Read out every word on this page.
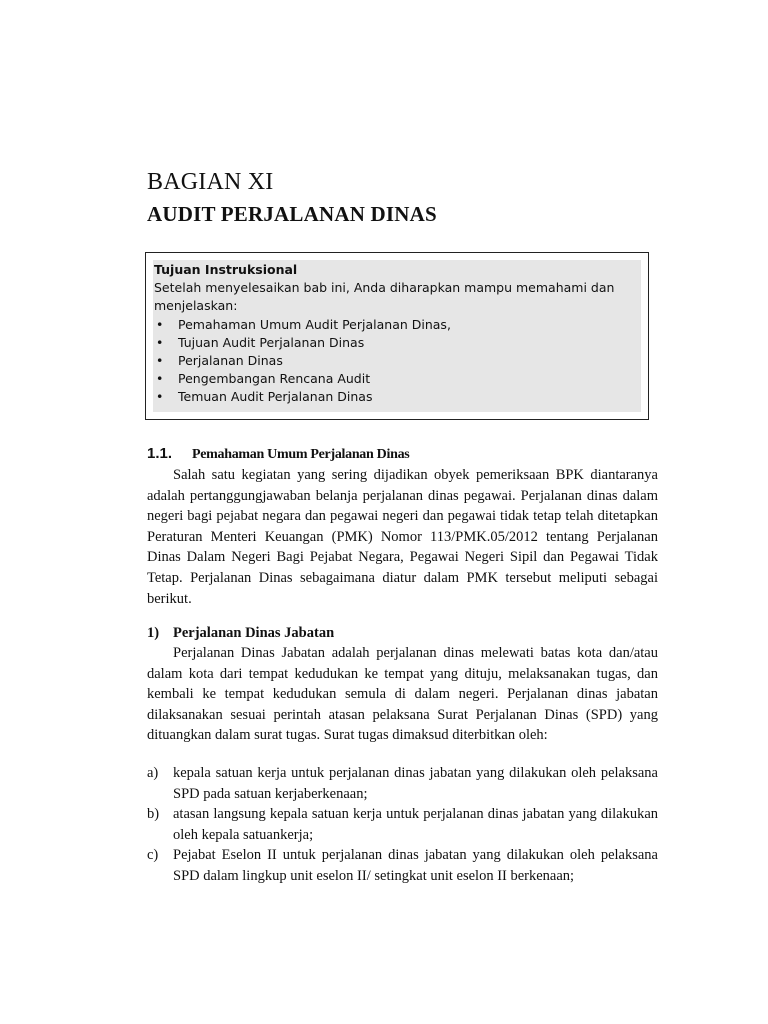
BAGIAN XI
AUDIT PERJALANAN DINAS
Tujuan Instruksional
Setelah menyelesaikan bab ini, Anda diharapkan mampu memahami dan menjelaskan:
• Pemahaman Umum Audit Perjalanan Dinas,
• Tujuan Audit Perjalanan Dinas
• Perjalanan Dinas
• Pengembangan Rencana Audit
• Temuan Audit Perjalanan Dinas
1.1. Pemahaman Umum Perjalanan Dinas

Salah satu kegiatan yang sering dijadikan obyek pemeriksaan BPK diantaranya adalah pertanggungjawaban belanja perjalanan dinas pegawai. Perjalanan dinas dalam negeri bagi pejabat negara dan pegawai negeri dan pegawai tidak tetap telah ditetapkan Peraturan Menteri Keuangan (PMK) Nomor 113/PMK.05/2012 tentang Perjalanan Dinas Dalam Negeri Bagi Pejabat Negara, Pegawai Negeri Sipil dan Pegawai Tidak Tetap. Perjalanan Dinas sebagaimana diatur dalam PMK tersebut meliputi sebagai berikut.

1) Perjalanan Dinas Jabatan

Perjalanan Dinas Jabatan adalah perjalanan dinas melewati batas kota dan/atau dalam kota dari tempat kedudukan ke tempat yang dituju, melaksanakan tugas, dan kembali ke tempat kedudukan semula di dalam negeri. Perjalanan dinas jabatan dilaksanakan sesuai perintah atasan pelaksana Surat Perjalanan Dinas (SPD) yang dituangkan dalam surat tugas. Surat tugas dimaksud diterbitkan oleh:

a) kepala satuan kerja untuk perjalanan dinas jabatan yang dilakukan oleh pelaksana SPD pada satuan kerjaberkenaan;
b) atasan langsung kepala satuan kerja untuk perjalanan dinas jabatan yang dilakukan oleh kepala satuankerja;
c) Pejabat Eselon II untuk perjalanan dinas jabatan yang dilakukan oleh pelaksana SPD dalam lingkup unit eselon II/ setingkat unit eselon II berkenaan;
